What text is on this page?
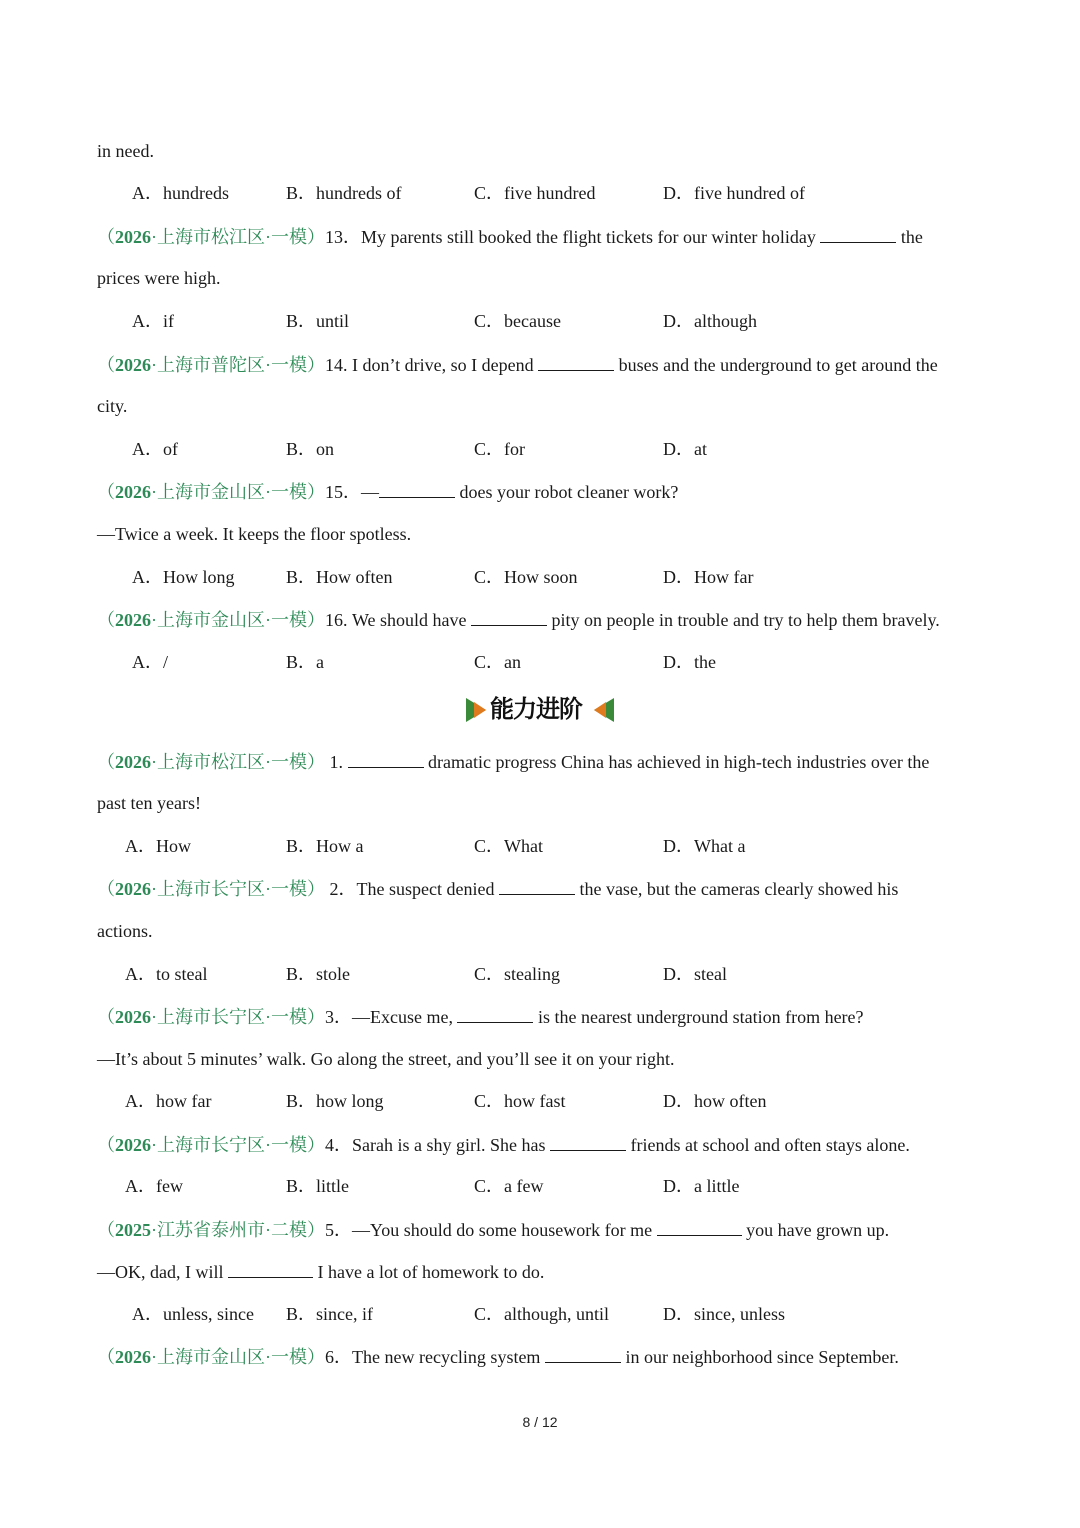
in need.
A．hundreds	B．hundreds of	C．five hundred	D．five hundred of
（2026·上海市松江区·一模）13．My parents still booked the flight tickets for our winter holiday	the
prices were high.
A．if	B．until	C．because	D．although
（2026·上海市普陀区·一模）14. I don’t drive, so I depend	buses and the underground to get around the
city.
A．of	B．on	C．for	D．at
（2026·上海市金山区·一模）15．—	does your robot cleaner work?
—Twice a week. It keeps the floor spotless.
A．How long	B．How often	C．How soon	D．How far
（2026·上海市金山区·一模）16. We should have	pity on people in trouble and try to help them bravely.
A．/	B．a	C．an	D．the
能力进阶
（2026·上海市松江区·一模） 1.	dramatic progress China has achieved in high-tech industries over the
past ten years!
A．How	B．How a	C．What	D．What a
（2026·上海市长宁区·一模） 2．The suspect denied	the vase, but the cameras clearly showed his
actions.
A．to steal	B．stole	C．stealing	D．steal
（2026·上海市长宁区·一模）3．—Excuse me,	is the nearest underground station from here?
—It’s about 5 minutes’ walk. Go along the street, and you’ll see it on your right.
A．how far	B．how long	C．how fast	D．how often
（2026·上海市长宁区·一模）4．Sarah is a shy girl. She has	friends at school and often stays alone.
A．few	B．little	C．a few	D．a little
（2025·江苏省泰州市·二模）5．—You should do some housework for me	you have grown up.
—OK, dad, I will	I have a lot of homework to do.
A．unless, since B．since, if	C．although, until	D．since, unless
（2026·上海市金山区·一模）6．The new recycling system	in our neighborhood since September.
8 / 12
